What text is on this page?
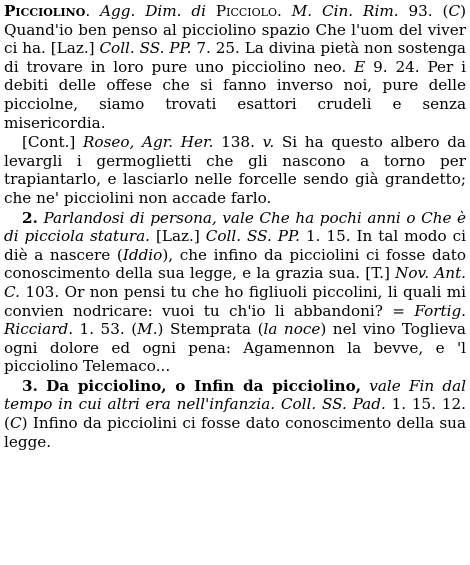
Picciolino. Agg. Dim. di Picciolo. M. Cin. Rim. 93. (C) Quand'io ben penso al picciolino spazio Che l'uom del viver ci ha. [Laz.] Coll. SS. PP. 7. 25. La divina pietà non sostenga di trovare in loro pure uno picciolino neo. E 9. 24. Per i debiti delle offese che si fanno inverso noi, pure delle picciolne, siamo trovati esattori crudeli e senza misericordia.

[Cont.] Roseo, Agr. Her. 138. v. Si ha questo albero da levargli i germoglietti che gli nascono a torno per trapiantarlo, e lasciarlo nelle forcelle sendo già grandetto; che ne' picciolini non accade farlo.

2. Parlandosi di persona, vale Che ha pochi anni o Che è di picciola statura. [Laz.] Coll. SS. PP. 1. 15. In tal modo ci diè a nascere (Iddio), che infino da picciolini ci fosse dato conoscimento della sua legge, e la grazia sua. [T.] Nov. Ant. C. 103. Or non pensi tu che ho figliuoli piccolini, li quali mi convien nodricare: vuoi tu ch'io li abbandoni? = Fortig. Ricciard. 1. 53. (M.) Stemprata (la noce) nel vino Toglieva ogni dolore ed ogni pena: Agamennon la bevve, e 'l picciolino Telemaco...

3. Da picciolino, o Infin da picciolino, vale Fin dal tempo in cui altri era nell'infanzia. Coll. SS. Pad. 1. 15. 12. (C) Infino da picciolini ci fosse dato conoscimento della sua legge.
